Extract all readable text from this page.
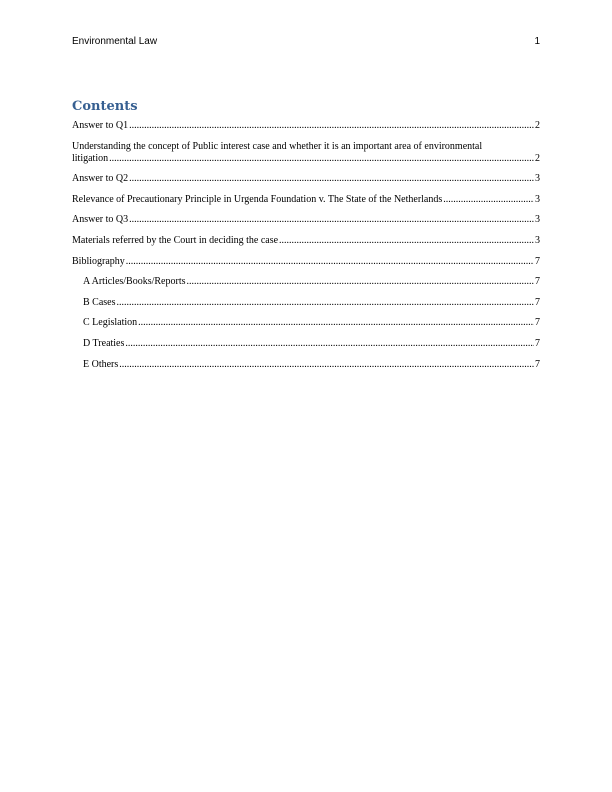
Environmental Law	1
Contents
Answer to Q1 .....	2
Understanding the concept of Public interest case and whether it is an important area of environmental
litigation .....	2
Answer to Q2 .....	3
Relevance of Precautionary Principle in Urgenda Foundation v. The State of the Netherlands .....	3
Answer to Q3 .....	3
Materials referred by the Court in deciding the case .....	3
Bibliography .....	7
A Articles/Books/Reports .....	7
B Cases .....	7
C Legislation .....	7
D Treaties .....	7
E Others .....	7
